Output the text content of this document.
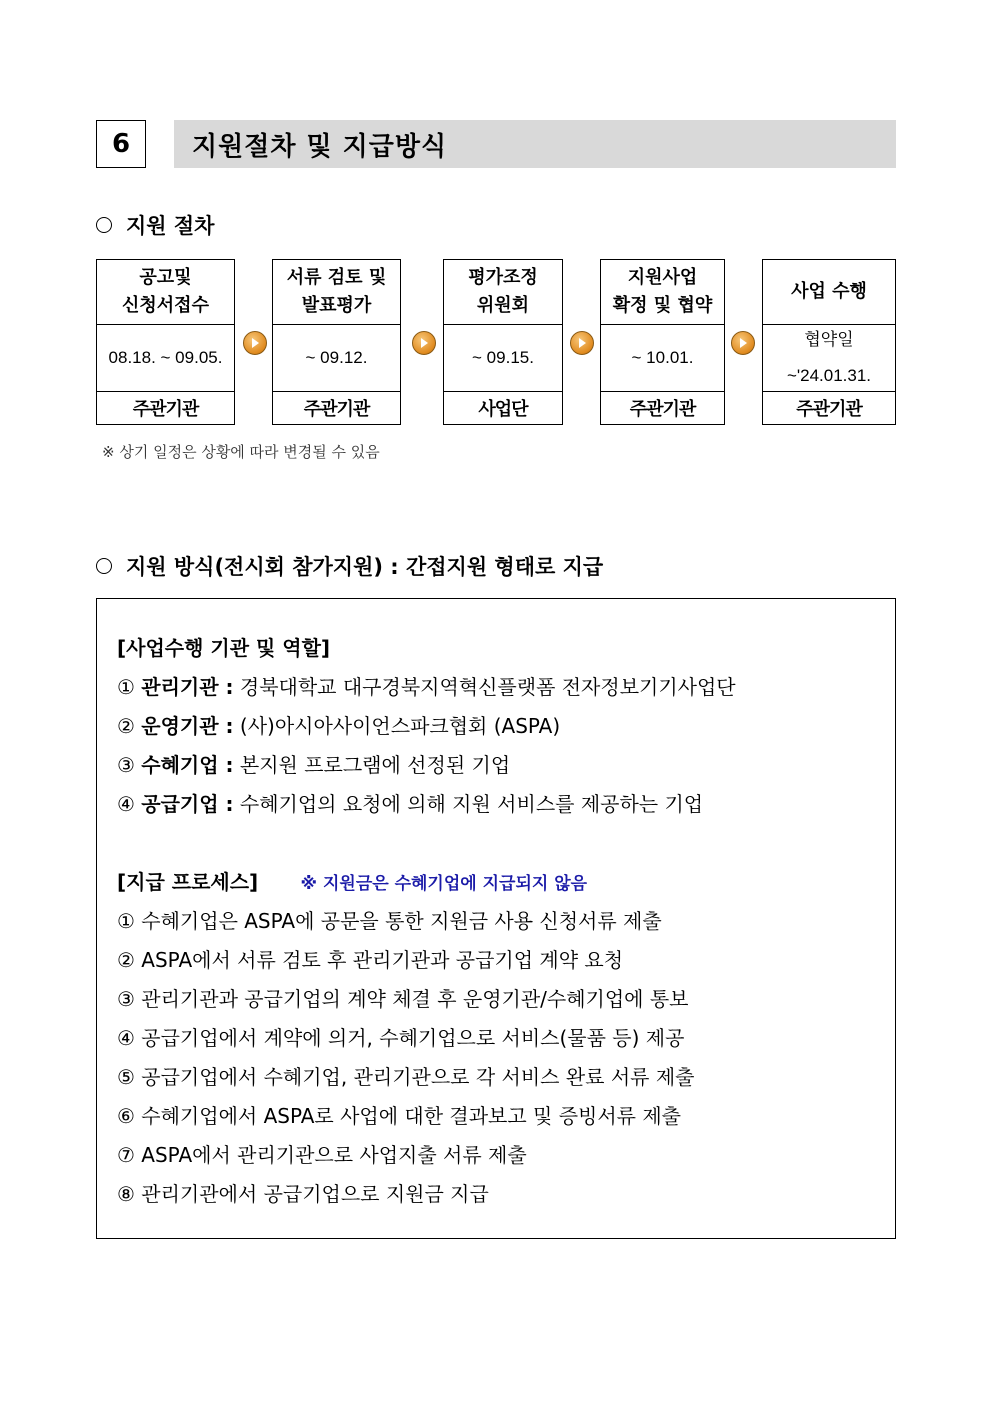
6	지원절차 및 지급방식
지원 절차
공고및
신청서접수
08.18. ~ 09.05.
주관기관
서류 검토 및
발표평가
~ 09.12.
주관기관
평가조정
위원회
~ 09.15.
사업단
지원사업
확정 및 협약
~ 10.01.
주관기관
사업 수행
협약일
~'24.01.31.
주관기관
※ 상기 일정은 상황에 따라 변경될 수 있음
지원 방식(전시회 참가지원) : 간접지원 형태로 지급
[사업수행 기관 및 역할]
① 관리기관 : 경북대학교 대구경북지역혁신플랫폼 전자정보기기사업단
② 운영기관 : (사)아시아사이언스파크협회 (ASPA)
③ 수혜기업 : 본지원 프로그램에 선정된 기업
④ 공급기업 : 수혜기업의 요청에 의해 지원 서비스를 제공하는 기업
[지급 프로세스] ※ 지원금은 수혜기업에 지급되지 않음
① 수혜기업은 ASPA에 공문을 통한 지원금 사용 신청서류 제출
② ASPA에서 서류 검토 후 관리기관과 공급기업 계약 요청
③ 관리기관과 공급기업의 계약 체결 후 운영기관/수혜기업에 통보
④ 공급기업에서 계약에 의거, 수혜기업으로 서비스(물품 등) 제공
⑤ 공급기업에서 수혜기업, 관리기관으로 각 서비스 완료 서류 제출
⑥ 수혜기업에서 ASPA로 사업에 대한 결과보고 및 증빙서류 제출
⑦ ASPA에서 관리기관으로 사업지출 서류 제출
⑧ 관리기관에서 공급기업으로 지원금 지급
